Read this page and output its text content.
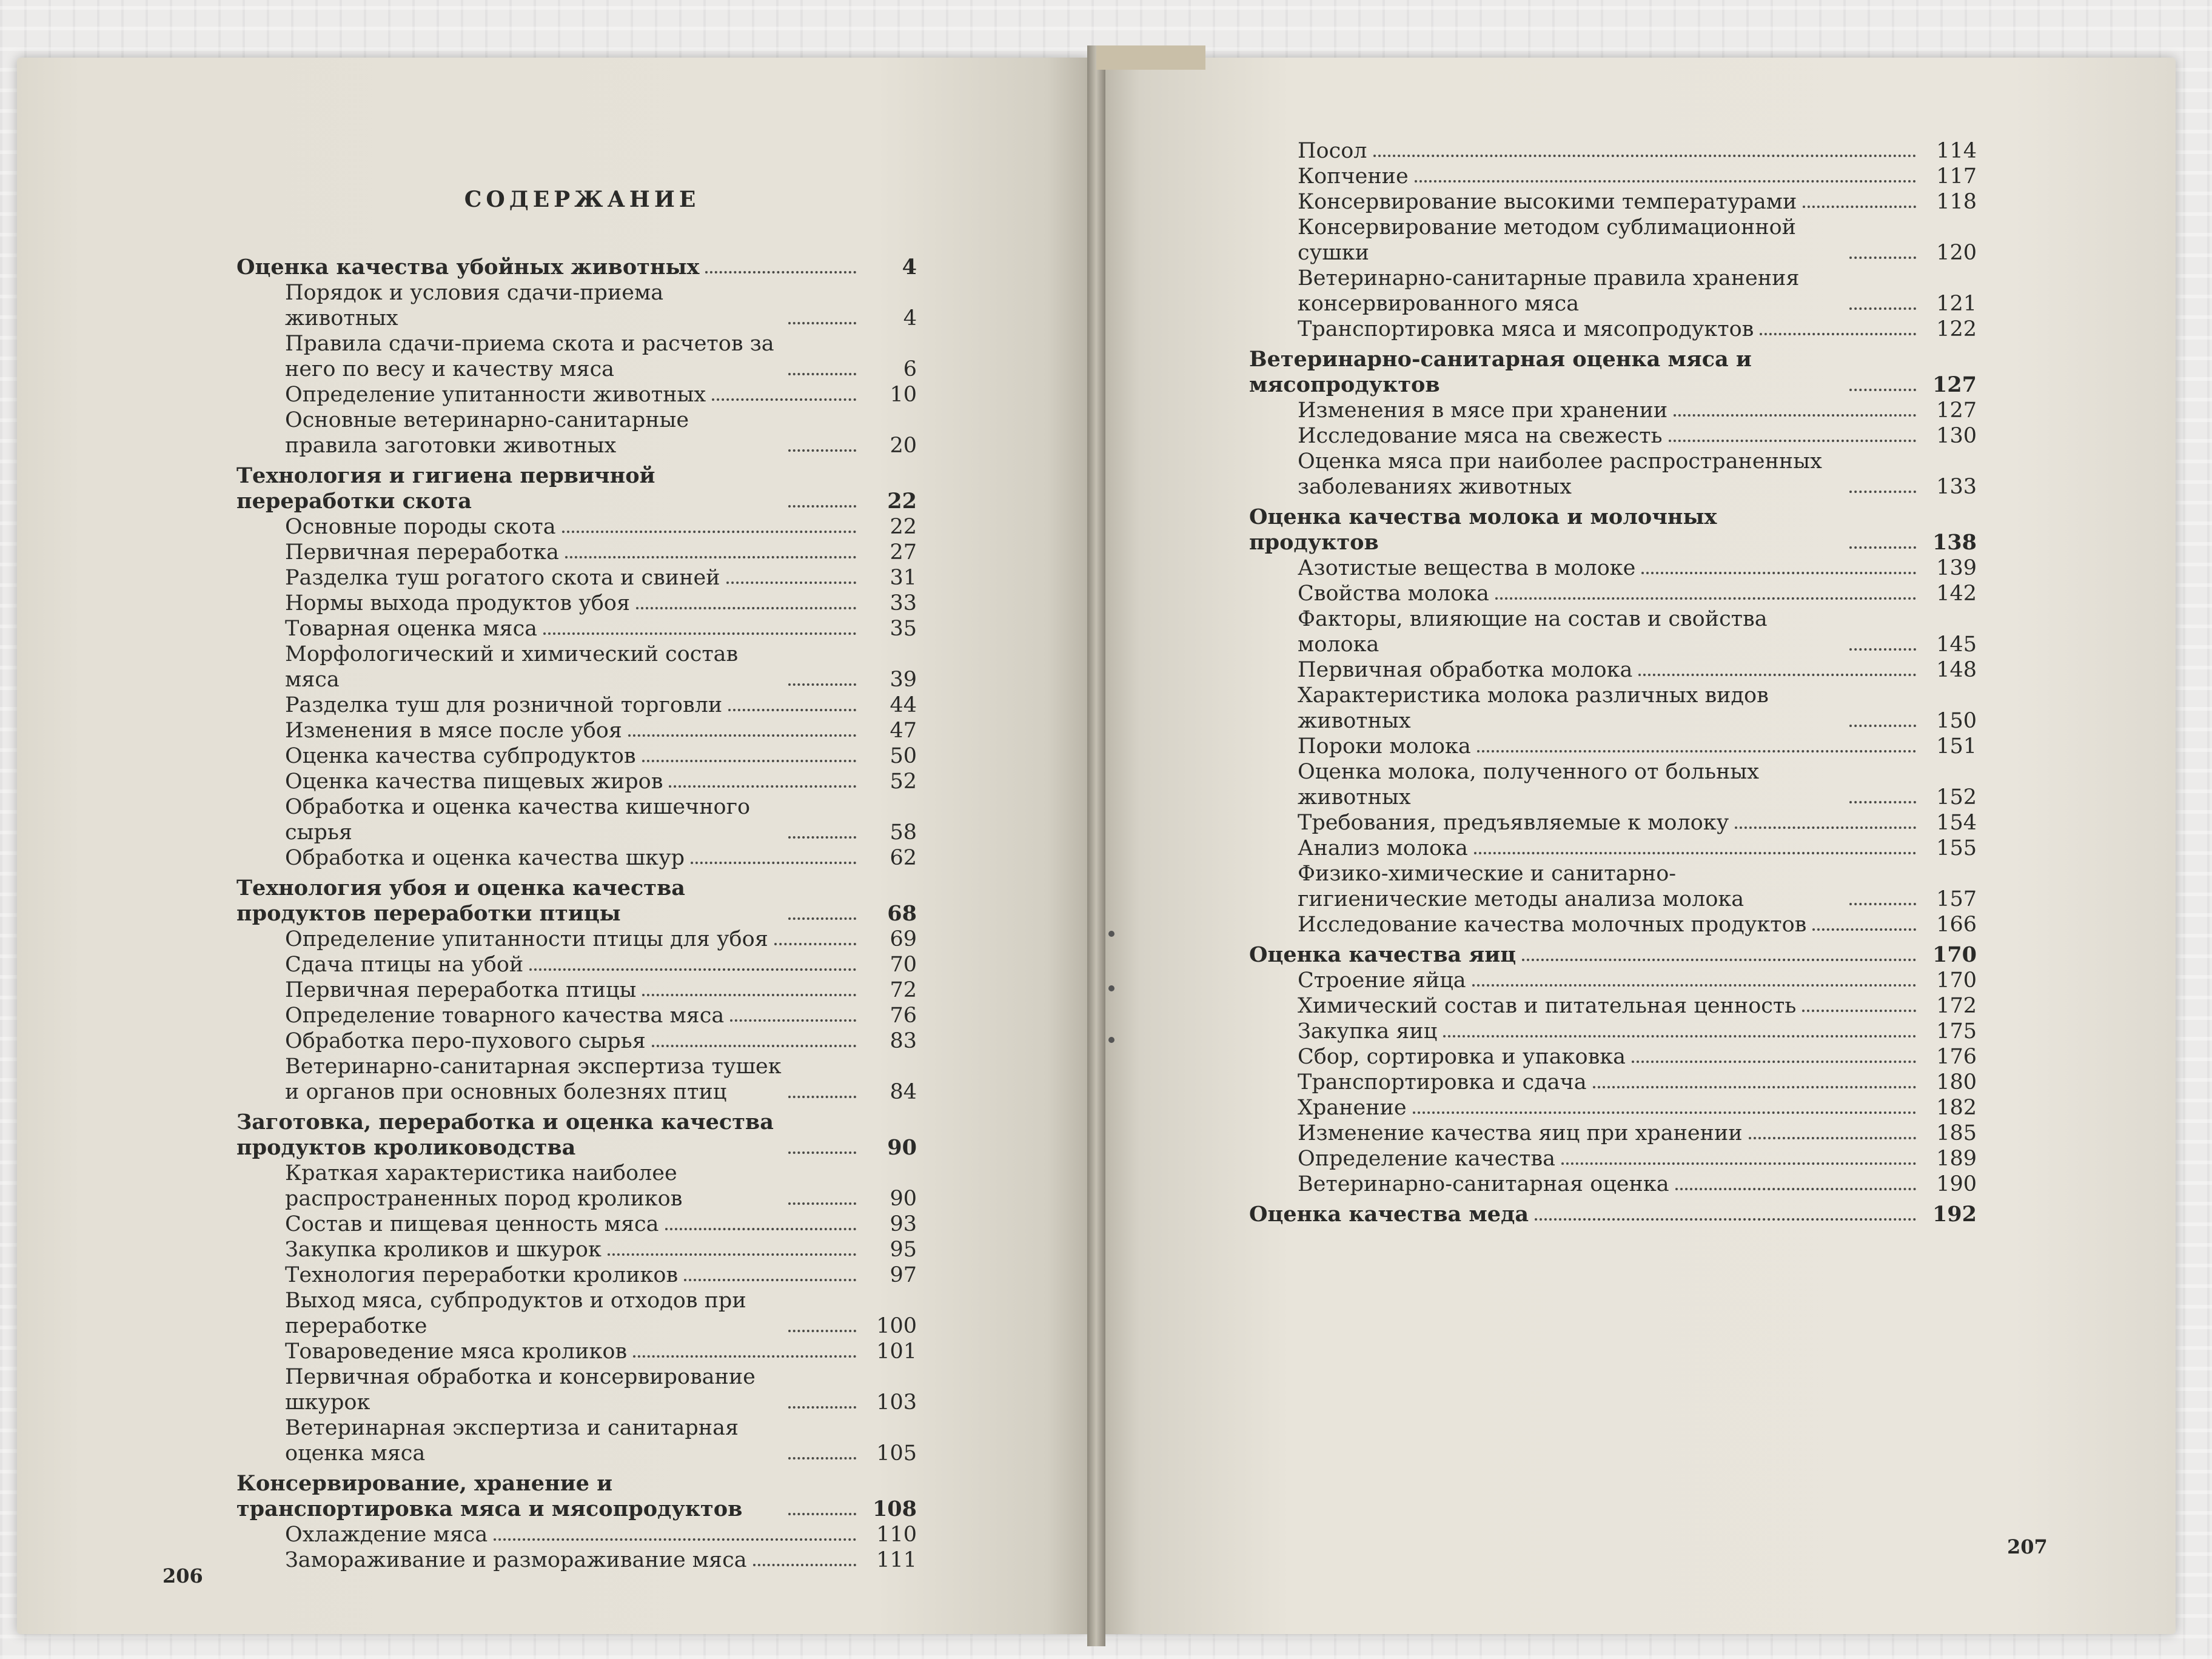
СОДЕРЖАНИЕ
Оценка качества убойных животных	4
Порядок и условия сдачи-приема животных	4
Правила сдачи-приема скота и расчетов за него по весу и качеству мяса	6
Определение упитанности животных	10
Основные ветеринарно-санитарные правила заготовки животных	20
Технология и гигиена первичной переработки скота	22
Основные породы скота	22
Первичная переработка	27
Разделка туш рогатого скота и свиней	31
Нормы выхода продуктов убоя	33
Товарная оценка мяса	35
Морфологический и химический состав мяса	39
Разделка туш для розничной торговли	44
Изменения в мясе после убоя	47
Оценка качества субпродуктов	50
Оценка качества пищевых жиров	52
Обработка и оценка качества кишечного сырья	58
Обработка и оценка качества шкур	62
Технология убоя и оценка качества продуктов переработки птицы	68
Определение упитанности птицы для убоя	69
Сдача птицы на убой	70
Первичная переработка птицы	72
Определение товарного качества мяса	76
Обработка перо-пухового сырья	83
Ветеринарно-санитарная экспертиза тушек и органов при основных болезнях птиц	84
Заготовка, переработка и оценка качества продуктов кролиководства	90
Краткая характеристика наиболее распространенных пород кроликов	90
Состав и пищевая ценность мяса	93
Закупка кроликов и шкурок	95
Технология переработки кроликов	97
Выход мяса, субпродуктов и отходов при переработке	100
Товароведение мяса кроликов	101
Первичная обработка и консервирование шкурок	103
Ветеринарная экспертиза и санитарная оценка мяса	105
Консервирование, хранение и транспортировка мяса и мясопродуктов	108
Охлаждение мяса	110
Замораживание и размораживание мяса	111
Посол	114
Копчение	117
Консервирование высокими температурами	118
Консервирование методом сублимационной сушки	120
Ветеринарно-санитарные правила хранения консервированного мяса	121
Транспортировка мяса и мясопродуктов	122
Ветеринарно-санитарная оценка мяса и мясопродуктов	127
Изменения в мясе при хранении	127
Исследование мяса на свежесть	130
Оценка мяса при наиболее распространенных заболеваниях животных	133
Оценка качества молока и молочных продуктов	138
Азотистые вещества в молоке	139
Свойства молока	142
Факторы, влияющие на состав и свойства молока	145
Первичная обработка молока	148
Характеристика молока различных видов животных	150
Пороки молока	151
Оценка молока, полученного от больных животных	152
Требования, предъявляемые к молоку	154
Анализ молока	155
Физико-химические и санитарно-гигиенические методы анализа молока	157
Исследование качества молочных продуктов	166
Оценка качества яиц	170
Строение яйца	170
Химический состав и питательная ценность	172
Закупка яиц	175
Сбор, сортировка и упаковка	176
Транспортировка и сдача	180
Хранение	182
Изменение качества яиц при хранении	185
Определение качества	189
Ветеринарно-санитарная оценка	190
Оценка качества меда	192
206
207
